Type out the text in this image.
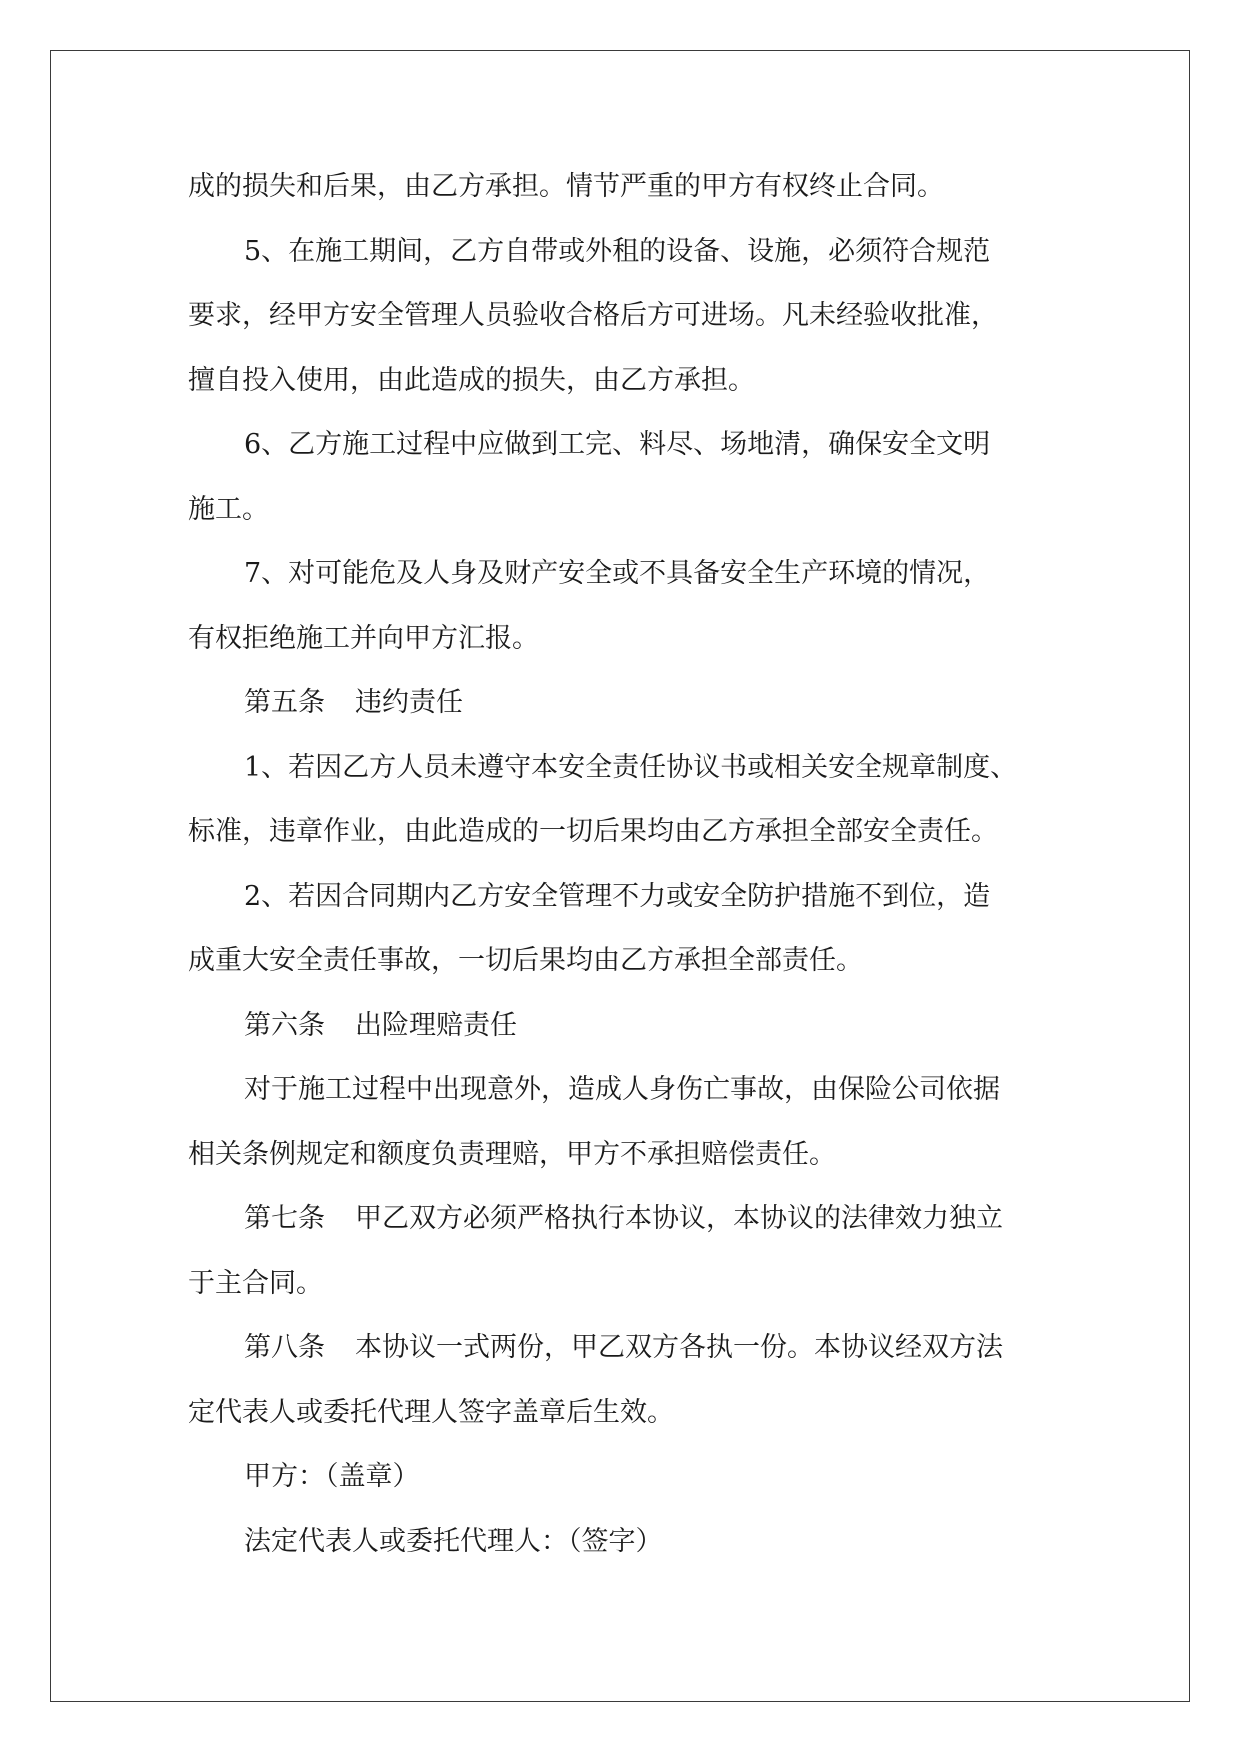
成的损失和后果，由乙方承担。情节严重的甲方有权终止合同。
5、在施工期间，乙方自带或外租的设备、设施，必须符合规范
要求，经甲方安全管理人员验收合格后方可进场。凡未经验收批准，
擅自投入使用，由此造成的损失，由乙方承担。
6、乙方施工过程中应做到工完、料尽、场地清，确保安全文明
施工。
7、对可能危及人身及财产安全或不具备安全生产环境的情况，
有权拒绝施工并向甲方汇报。
第五条 违约责任
1、若因乙方人员未遵守本安全责任协议书或相关安全规章制度、
标准，违章作业，由此造成的一切后果均由乙方承担全部安全责任。
2、若因合同期内乙方安全管理不力或安全防护措施不到位，造
成重大安全责任事故，一切后果均由乙方承担全部责任。
第六条 出险理赔责任
对于施工过程中出现意外，造成人身伤亡事故，由保险公司依据
相关条例规定和额度负责理赔，甲方不承担赔偿责任。
第七条 甲乙双方必须严格执行本协议，本协议的法律效力独立
于主合同。
第八条 本协议一式两份，甲乙双方各执一份。本协议经双方法
定代表人或委托代理人签字盖章后生效。
甲方：（盖章）
法定代表人或委托代理人：（签字）
